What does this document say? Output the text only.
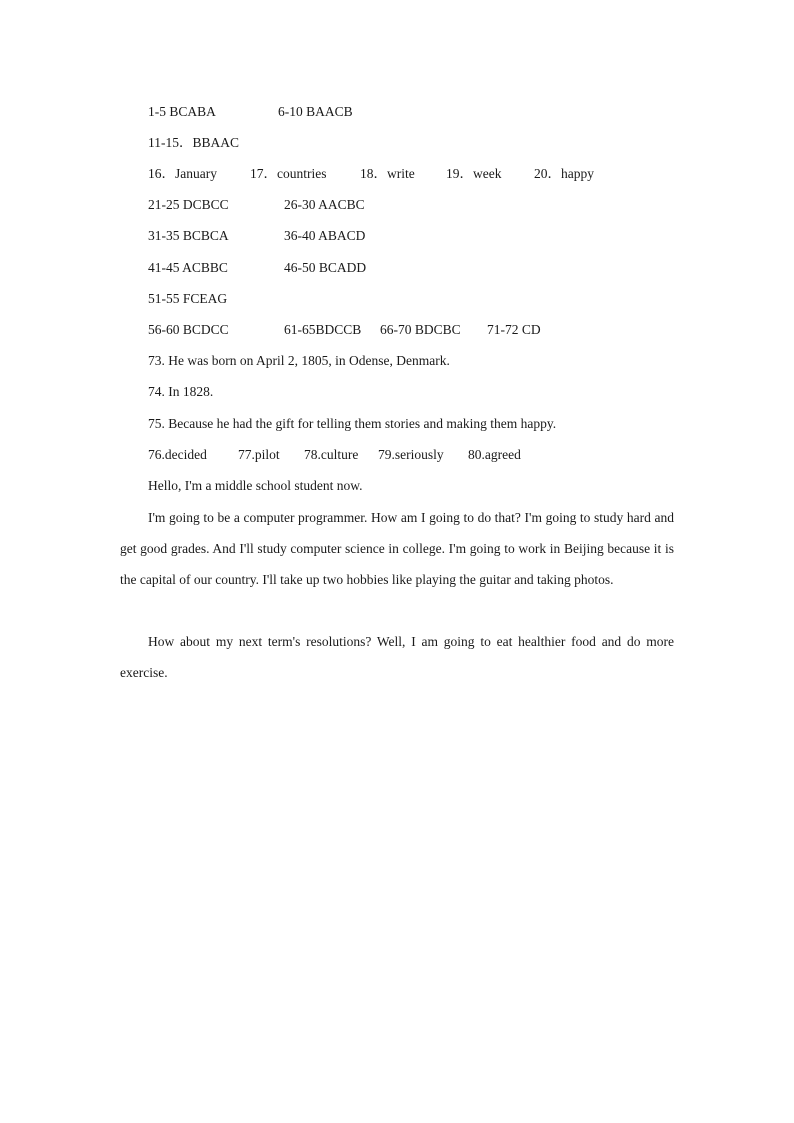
1-5 BCABA	6-10 BAACB
11-15．BBAAC
16．January 17．countries 18．write 19．week 20．happy
21-25 DCBCC	26-30 AACBC
31-35 BCBCA	36-40 ABACD
41-45 ACBBC	46-50 BCADD
51-55 FCEAG
56-60 BCDCC	61-65BDCCB 66-70 BDCBC 71-72 CD
73. He was born on April 2, 1805, in Odense, Denmark.
74. In 1828.
75. Because he had the gift for telling them stories and making them happy.
76.decided 77.pilot 78.culture 79.seriously 80.agreed
Hello, I'm a middle school student now.
I'm going to be a computer programmer. How am I going to do that? I'm going to study hard and get good grades. And I'll study computer science in college. I'm going to work in Beijing because it is the capital of our country. I'll take up two hobbies like playing the guitar and taking photos.
How about my next term's resolutions? Well, I am going to eat healthier food and do more exercise.
